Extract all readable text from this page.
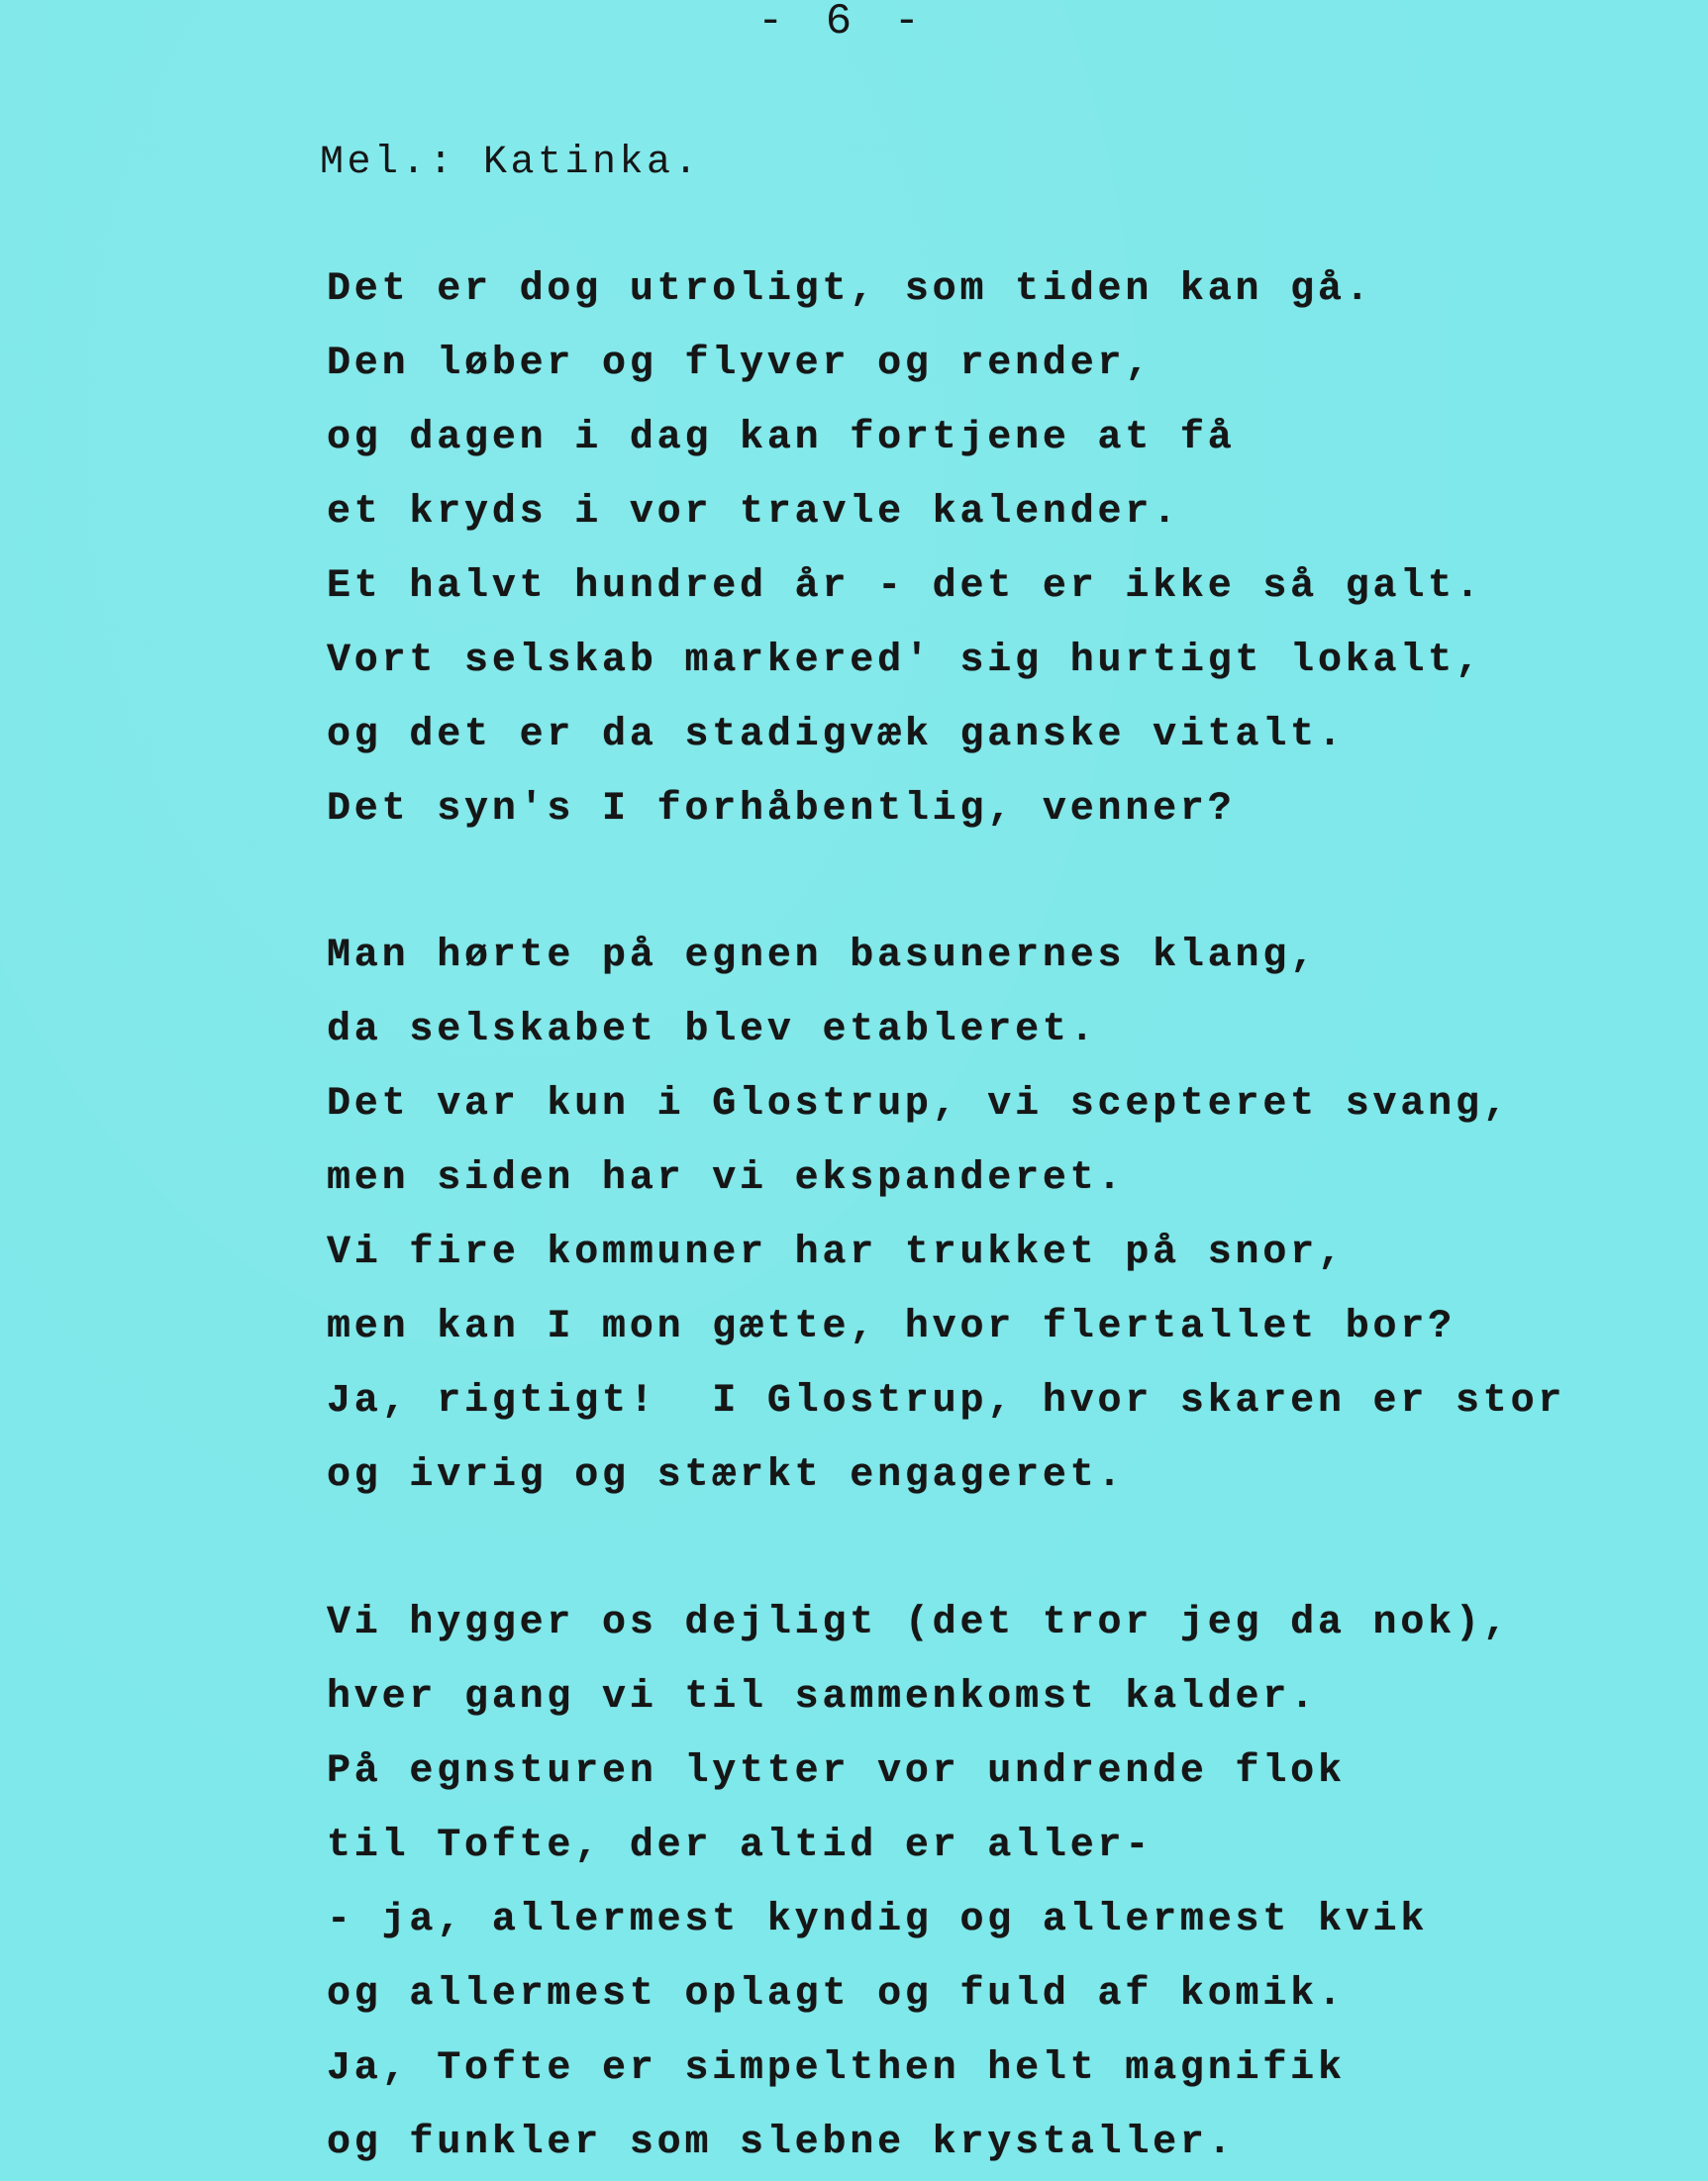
- 6 -
Mel.: Katinka.
Det er dog utroligt, som tiden kan gå.
Den løber og flyver og render,
og dagen i dag kan fortjene at få
et kryds i vor travle kalender.
Et halvt hundred år - det er ikke så galt.
Vort selskab markered' sig hurtigt lokalt,
og det er da stadigvæk ganske vitalt.
Det syn's I forhåbentlig, venner?
Man hørte på egnen basunernes klang,
da selskabet blev etableret.
Det var kun i Glostrup, vi scepteret svang,
men siden har vi ekspanderet.
Vi fire kommuner har trukket på snor,
men kan I mon gætte, hvor flertallet bor?
Ja, rigtigt!  I Glostrup, hvor skaren er stor
og ivrig og stærkt engageret.
Vi hygger os dejligt (det tror jeg da nok),
hver gang vi til sammenkomst kalder.
På egnsturen lytter vor undrende flok
til Tofte, der altid er aller-
- ja, allermest kyndig og allermest kvik
og allermest oplagt og fuld af komik.
Ja, Tofte er simpelthen helt magnifik
og funkler som slebne krystaller.
